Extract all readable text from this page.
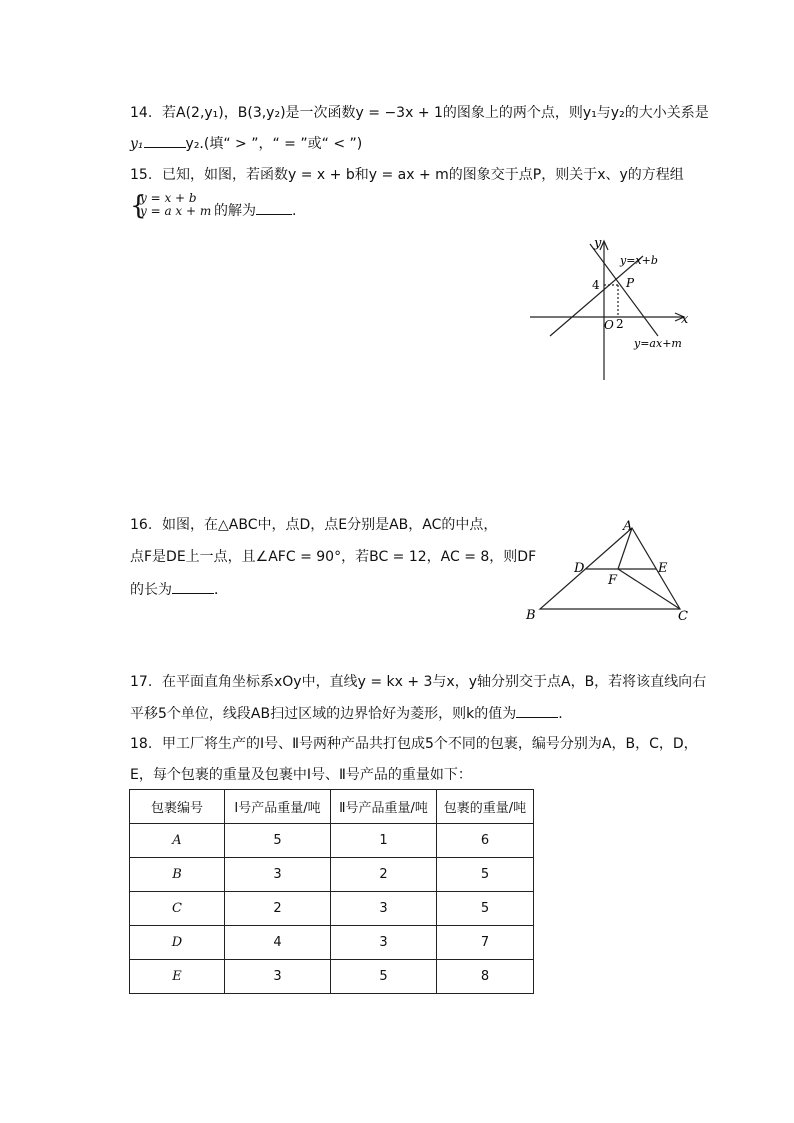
14. 若A(2,y₁)，B(3,y₂)是一次函数y = −3x + 1的图象上的两个点，则y₁与y₂的大小关系是
y₁	y₂.(填“ > ”，“ = ”或“ < ”)
15. 已知，如图，若函数y = x + b和y = ax + m的图象交于点P，则关于x、y的方程组
{
y = x + b
y = a x + m 的解为	.
y
x
O 2
4 P
y=x+b
y=ax+m
16. 如图，在△ABC中，点D，点E分别是AB，AC的中点，
点F是DE上一点，且∠AFC = 90°，若BC = 12，AC = 8，则DF
的长为	．
A
B	C
D	E
F
17. 在平面直角坐标系xOy中，直线y = kx + 3与x，y轴分别交于点A，B，若将该直线向右
平移5个单位，线段AB扫过区域的边界恰好为菱形，则k的值为	.
18. 甲工厂将生产的Ⅰ号、Ⅱ号两种产品共打包成5个不同的包裹，编号分别为A，B，C，D，
E，每个包裹的重量及包裹中Ⅰ号、Ⅱ号产品的重量如下：
包裹编号	Ⅰ号产品重量/吨	Ⅱ号产品重量/吨	包裹的重量/吨
A	5	1	6
B	3	2	5
C	2	3	5
D	4	3	7
E	3	5	8
